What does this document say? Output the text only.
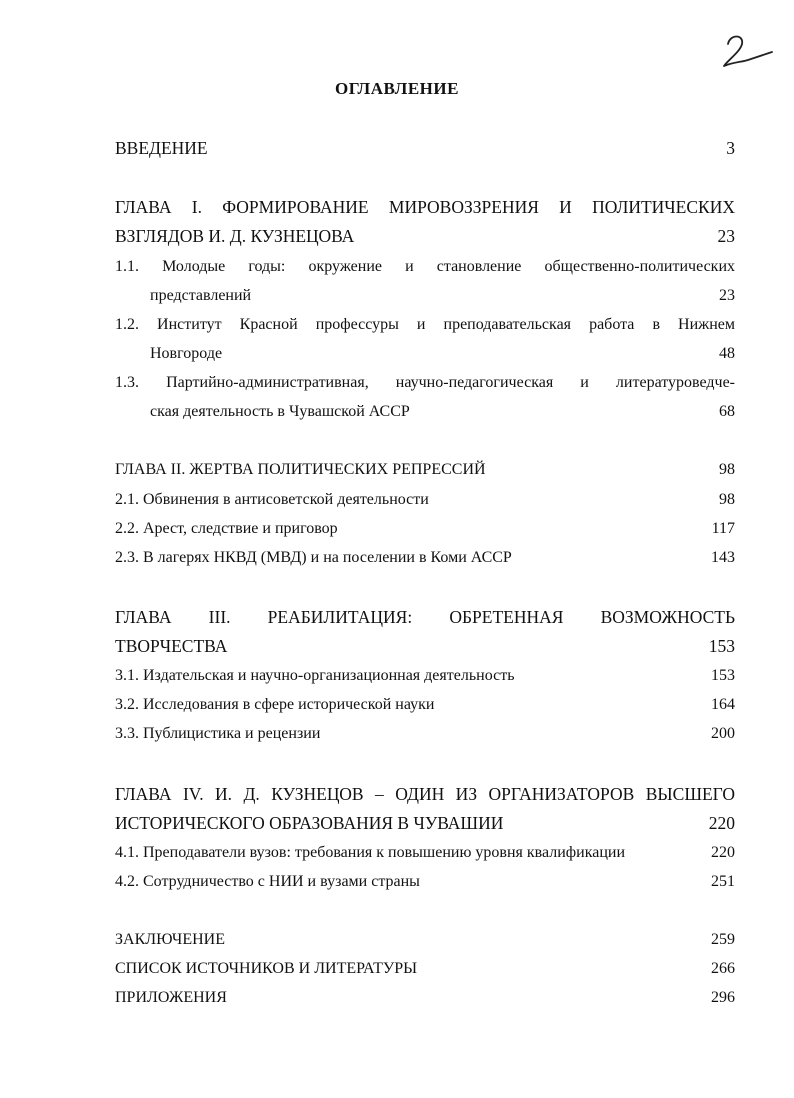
ОГЛАВЛЕНИЕ
ВВЕДЕНИЕ	3
ГЛАВА I. ФОРМИРОВАНИЕ МИРОВОЗЗРЕНИЯ И ПОЛИТИЧЕСКИХ
ВЗГЛЯДОВ И. Д. КУЗНЕЦОВА	23
1.1. Молодые годы: окружение и становление общественно-политических
представлений	23
1.2. Институт Красной профессуры и преподавательская работа в Нижнем
Новгороде	48
1.3. Партийно-административная, научно-педагогическая и литературоведче-
ская деятельность в Чувашской АССР	68
ГЛАВА II. ЖЕРТВА ПОЛИТИЧЕСКИХ РЕПРЕССИЙ	98
2.1. Обвинения в антисоветской деятельности	98
2.2. Арест, следствие и приговор	117
2.3. В лагерях НКВД (МВД) и на поселении в Коми АССР	143
ГЛАВА III. РЕАБИЛИТАЦИЯ: ОБРЕТЕННАЯ ВОЗМОЖНОСТЬ
ТВОРЧЕСТВА	153
3.1. Издательская и научно-организационная деятельность	153
3.2. Исследования в сфере исторической науки	164
3.3. Публицистика и рецензии	200
ГЛАВА IV. И. Д. КУЗНЕЦОВ – ОДИН ИЗ ОРГАНИЗАТОРОВ ВЫСШЕГО
ИСТОРИЧЕСКОГО ОБРАЗОВАНИЯ В ЧУВАШИИ	220
4.1. Преподаватели вузов: требования к повышению уровня квалификации	220
4.2. Сотрудничество с НИИ и вузами страны	251
ЗАКЛЮЧЕНИЕ	259
СПИСОК ИСТОЧНИКОВ И ЛИТЕРАТУРЫ	266
ПРИЛОЖЕНИЯ	296
